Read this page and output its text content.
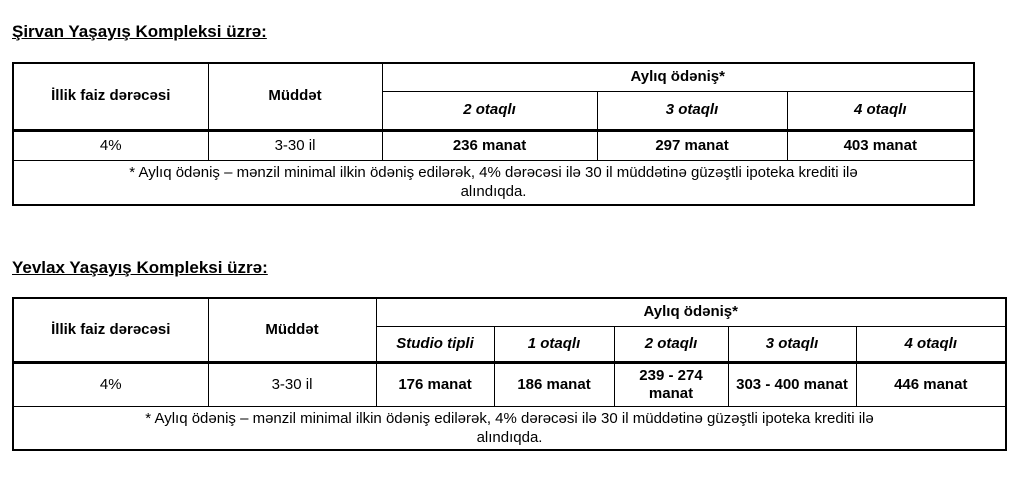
Şirvan Yaşayış Kompleksi üzrə:
İllik faiz dərəcəsi	Müddət	Aylıq ödəniş*		
		2 otaqlı	3 otaqlı	4 otaqlı
4%	3-30 il	236 manat	297 manat	403 manat

* Aylıq ödəniş – mənzil minimal ilkin ödəniş edilərək, 4% dərəcəsi ilə 30 il müddətinə güzəştli ipoteka krediti ilə
alındıqda.				
Yevlax Yaşayış Kompleksi üzrə:
İllik faiz dərəcəsi	Müddət	Aylıq ödəniş*				
		Studio tipli	1 otaqlı	2 otaqlı	3 otaqlı	4 otaqlı
4%	3-30 il	176 manat	186 manat	239 - 274 manat	303 - 400 manat	446 manat

* Aylıq ödəniş – mənzil minimal ilkin ödəniş edilərək, 4% dərəcəsi ilə 30 il müddətinə güzəştli ipoteka krediti ilə
alındıqda.						
